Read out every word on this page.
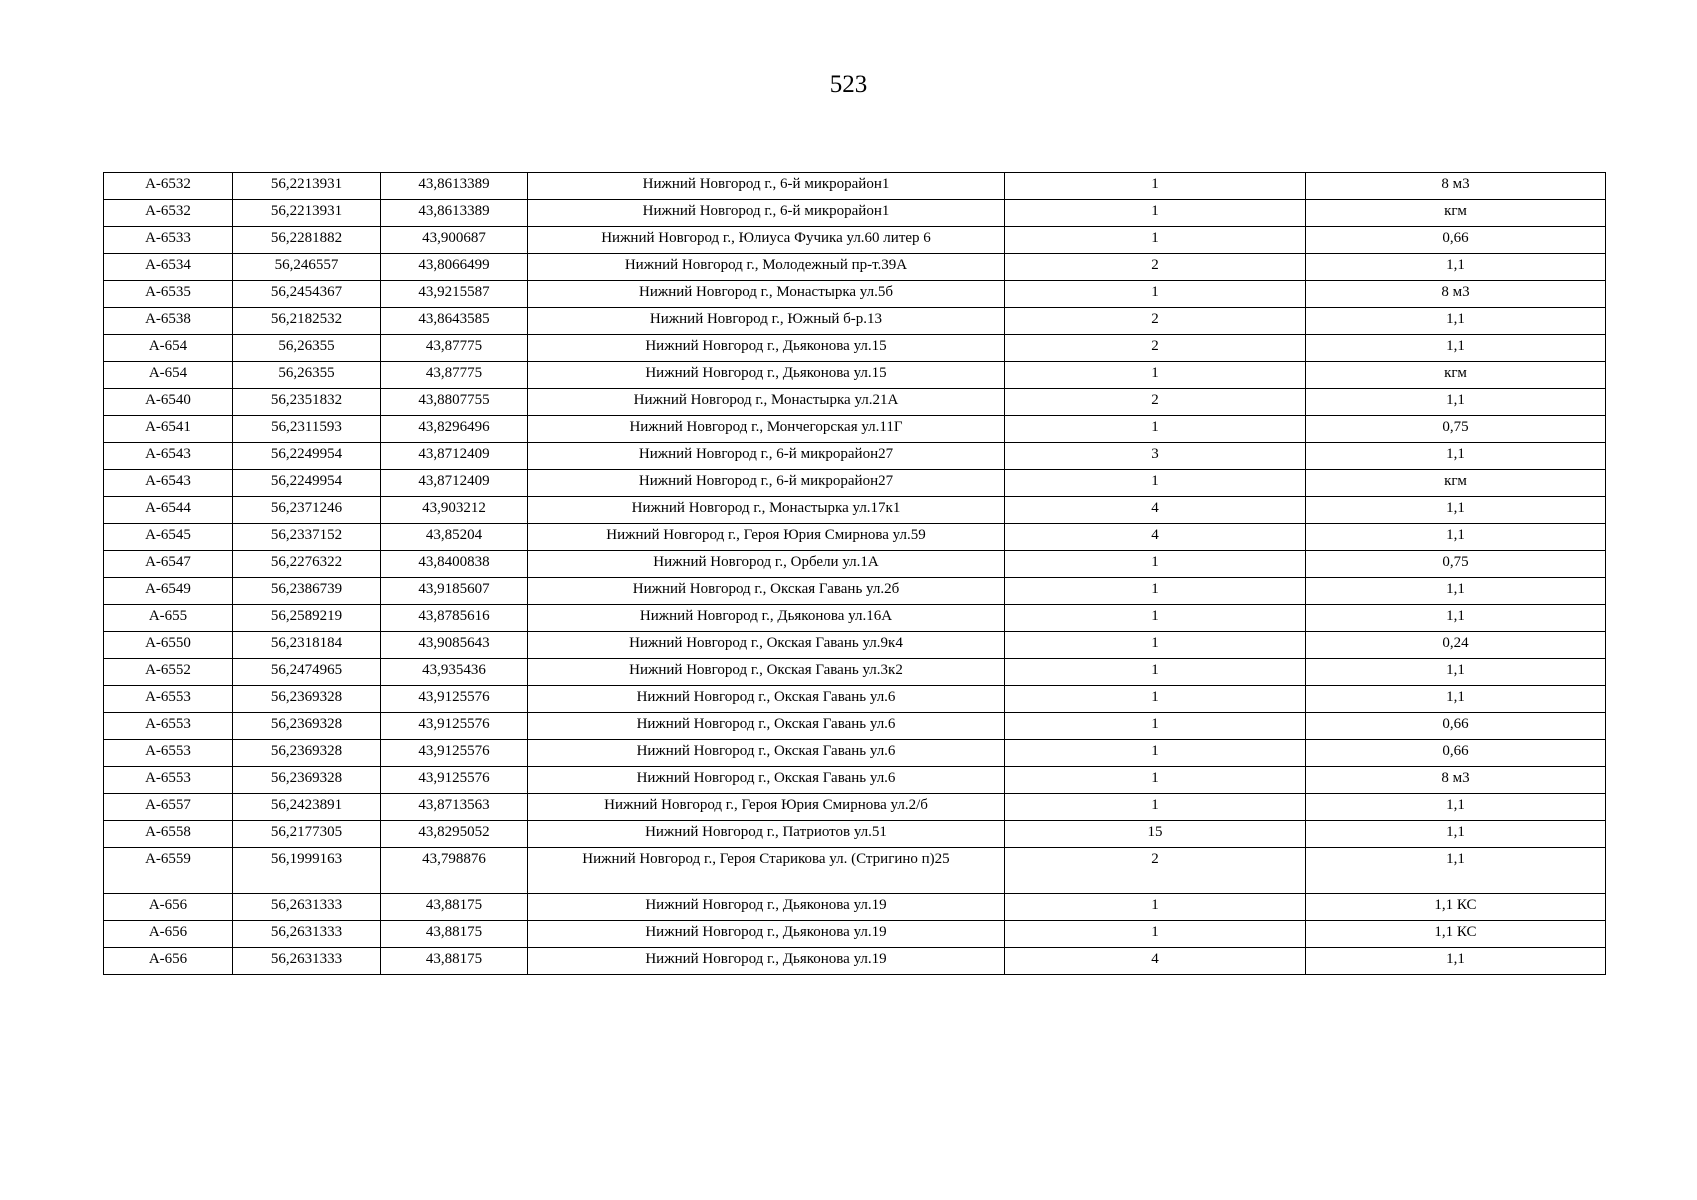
523
А-6532	56,2213931	43,8613389	Нижний Новгород г., 6-й микрорайон1	1	8 м3
А-6532	56,2213931	43,8613389	Нижний Новгород г., 6-й микрорайон1	1	кгм
А-6533	56,2281882	43,900687	Нижний Новгород г., Юлиуса Фучика ул.60 литер 6	1	0,66
А-6534	56,246557	43,8066499	Нижний Новгород г., Молодежный пр-т.39А	2	1,1
А-6535	56,2454367	43,9215587	Нижний Новгород г., Монастырка ул.5б	1	8 м3
А-6538	56,2182532	43,8643585	Нижний Новгород г., Южный б-р.13	2	1,1
А-654	56,26355	43,87775	Нижний Новгород г., Дьяконова ул.15	2	1,1
А-654	56,26355	43,87775	Нижний Новгород г., Дьяконова ул.15	1	кгм
А-6540	56,2351832	43,8807755	Нижний Новгород г., Монастырка ул.21А	2	1,1
А-6541	56,2311593	43,8296496	Нижний Новгород г., Мончегорская ул.11Г	1	0,75
А-6543	56,2249954	43,8712409	Нижний Новгород г., 6-й микрорайон27	3	1,1
А-6543	56,2249954	43,8712409	Нижний Новгород г., 6-й микрорайон27	1	кгм
А-6544	56,2371246	43,903212	Нижний Новгород г., Монастырка ул.17к1	4	1,1
А-6545	56,2337152	43,85204	Нижний Новгород г., Героя Юрия Смирнова ул.59	4	1,1
А-6547	56,2276322	43,8400838	Нижний Новгород г., Орбели ул.1А	1	0,75
А-6549	56,2386739	43,9185607	Нижний Новгород г., Окская Гавань ул.2б	1	1,1
А-655	56,2589219	43,8785616	Нижний Новгород г., Дьяконова ул.16А	1	1,1
А-6550	56,2318184	43,9085643	Нижний Новгород г., Окская Гавань ул.9к4	1	0,24
А-6552	56,2474965	43,935436	Нижний Новгород г., Окская Гавань ул.3к2	1	1,1
А-6553	56,2369328	43,9125576	Нижний Новгород г., Окская Гавань ул.6	1	1,1
А-6553	56,2369328	43,9125576	Нижний Новгород г., Окская Гавань ул.6	1	0,66
А-6553	56,2369328	43,9125576	Нижний Новгород г., Окская Гавань ул.6	1	0,66
А-6553	56,2369328	43,9125576	Нижний Новгород г., Окская Гавань ул.6	1	8 м3
А-6557	56,2423891	43,8713563	Нижний Новгород г., Героя Юрия Смирнова ул.2/б	1	1,1
А-6558	56,2177305	43,8295052	Нижний Новгород г., Патриотов ул.51	15	1,1
А-6559	56,1999163	43,798876	Нижний Новгород г., Героя Старикова ул. (Стригино п)25	2	1,1
А-656	56,2631333	43,88175	Нижний Новгород г., Дьяконова ул.19	1	1,1 КС
А-656	56,2631333	43,88175	Нижний Новгород г., Дьяконова ул.19	1	1,1 КС
А-656	56,2631333	43,88175	Нижний Новгород г., Дьяконова ул.19	4	1,1
